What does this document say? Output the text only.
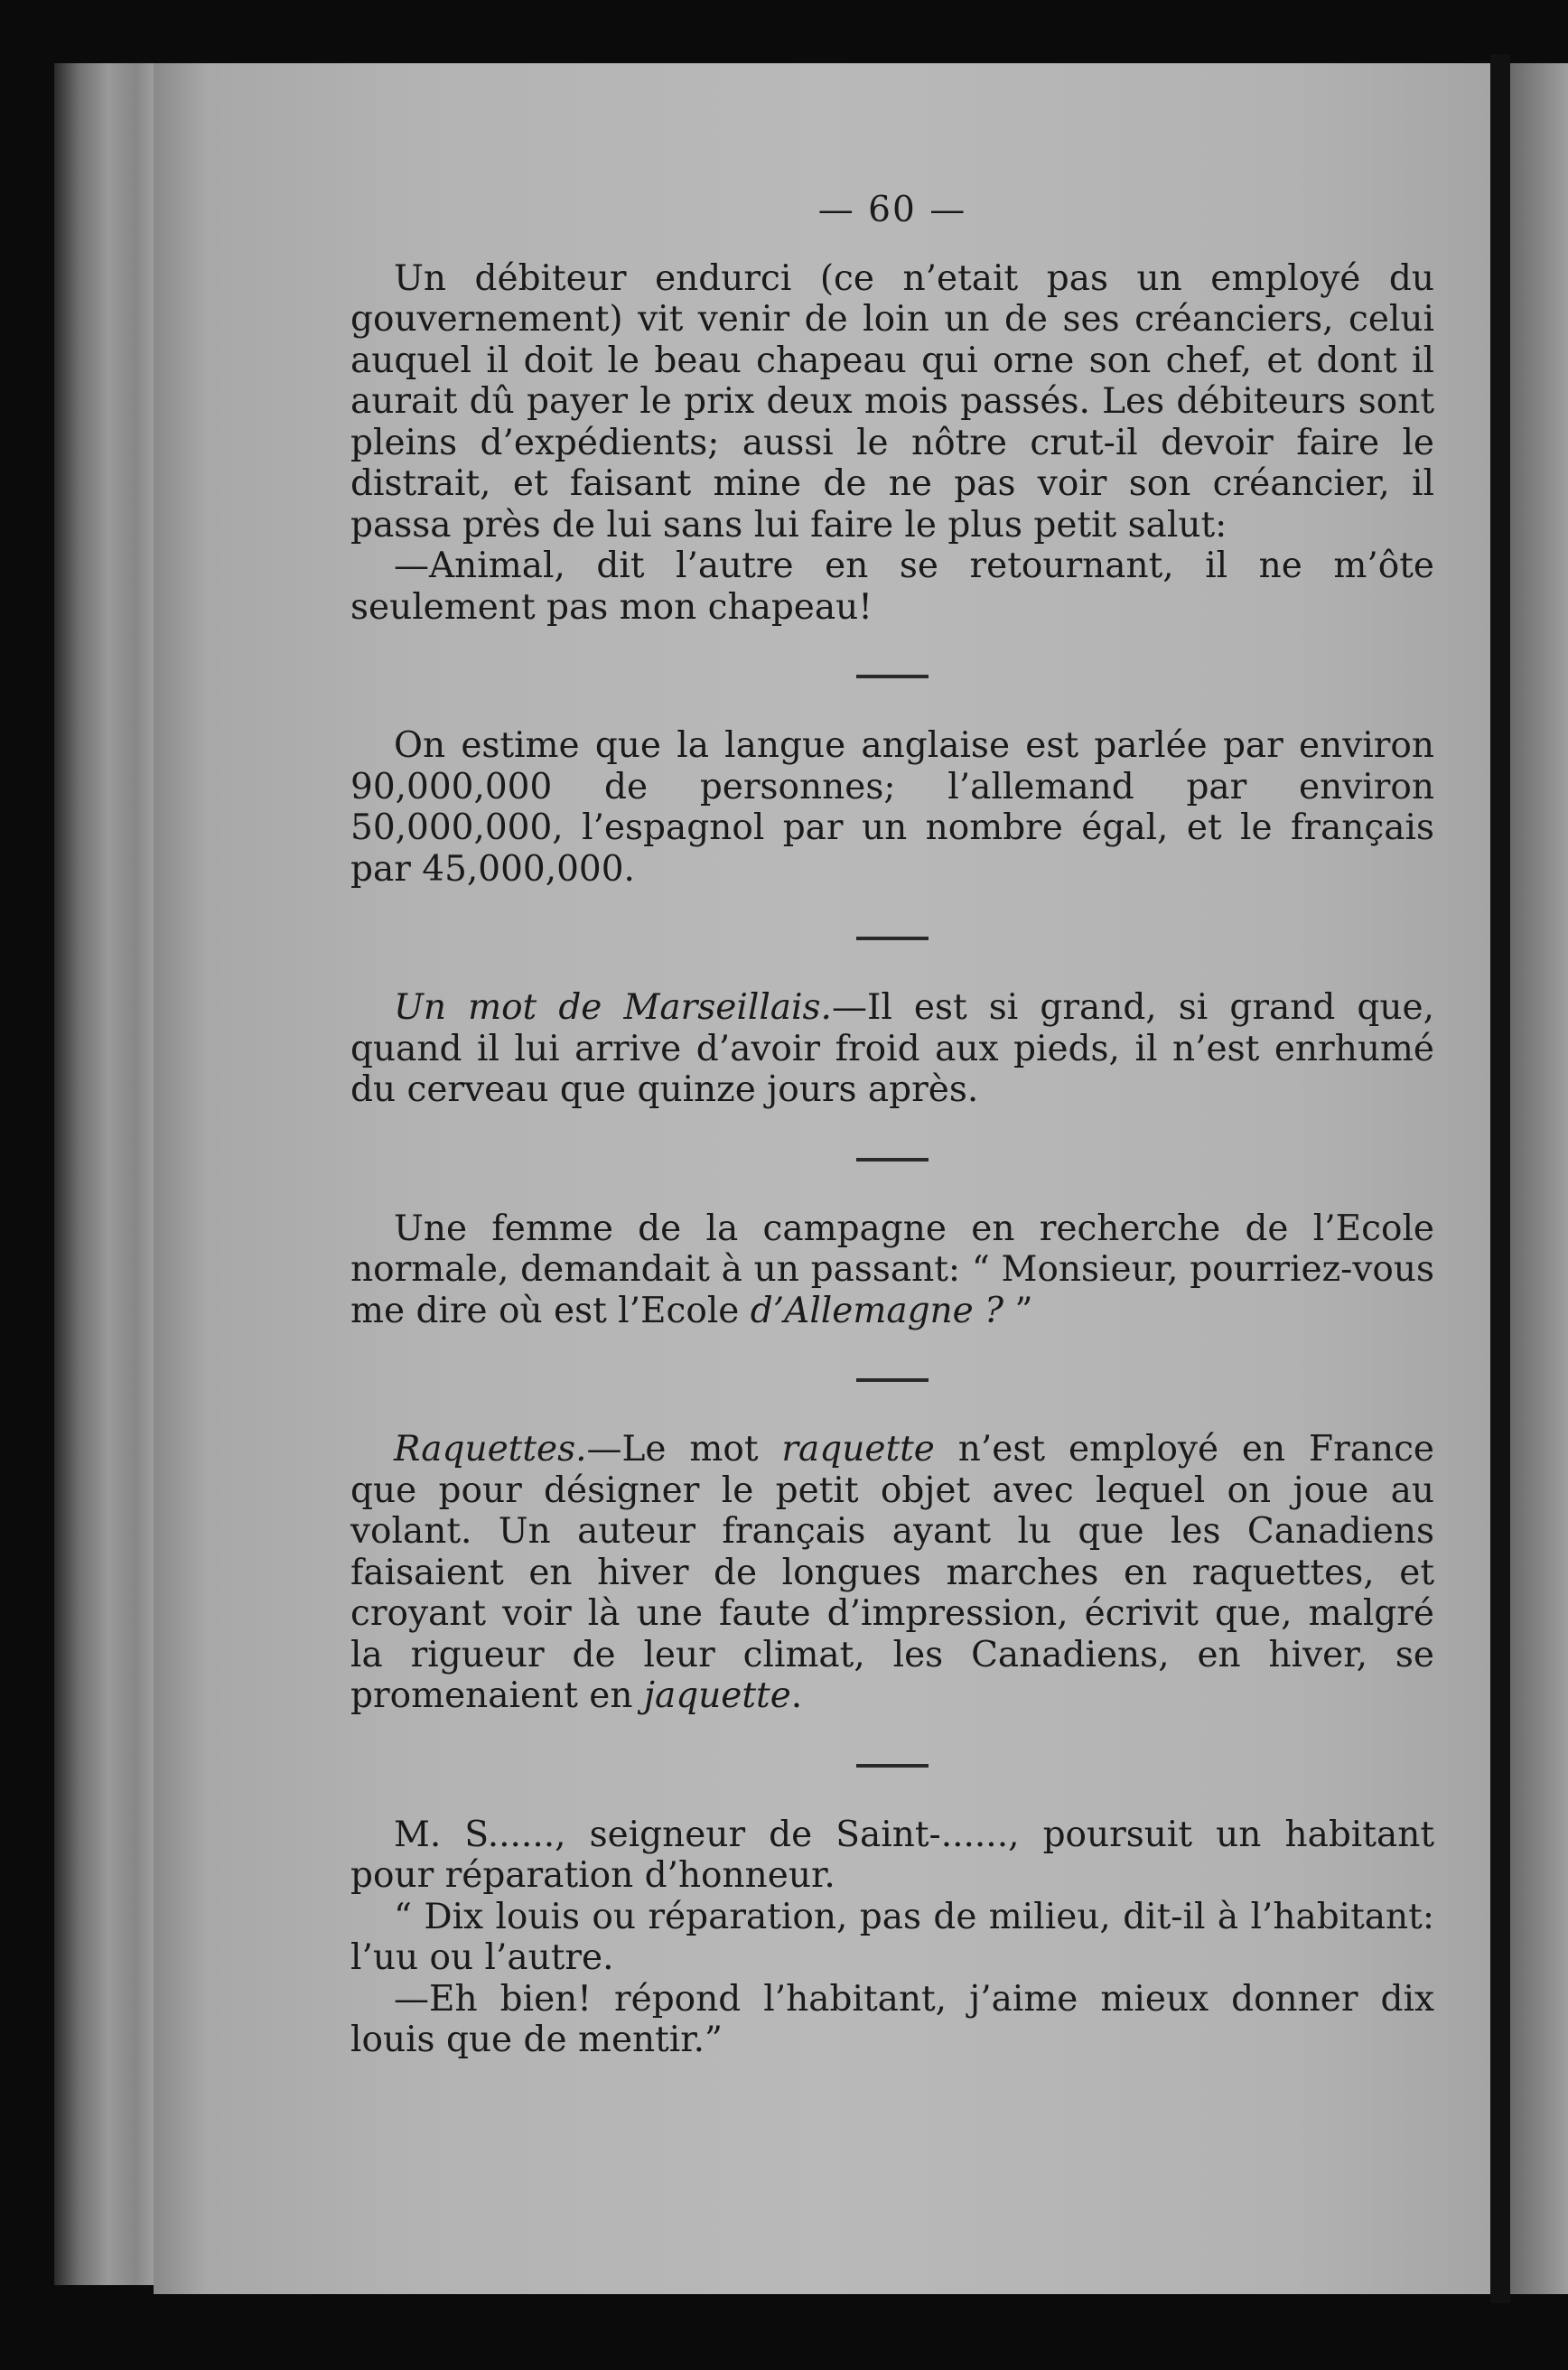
— 60 —

Un débiteur endurci (ce n’etait pas un employé du gouvernement) vit venir de loin un de ses créanciers, celui auquel il doit le beau chapeau qui orne son chef, et dont il aurait dû payer le prix deux mois passés. Les débiteurs sont pleins d’expédients; aussi le nôtre crut-il devoir faire le distrait, et faisant mine de ne pas voir son créancier, il passa près de lui sans lui faire le plus petit salut:

—Animal, dit l’autre en se retournant, il ne m’ôte seulement pas mon chapeau!

On estime que la langue anglaise est parlée par environ 90,000,000 de personnes; l’allemand par environ 50,000,000, l’espagnol par un nombre égal, et le français par 45,000,000.

Un mot de Marseillais.—Il est si grand, si grand que, quand il lui arrive d’avoir froid aux pieds, il n’est enrhumé du cerveau que quinze jours après.

Une femme de la campagne en recherche de l’Ecole normale, demandait à un passant: “ Monsieur, pourriez-vous me dire où est l’Ecole d’Allemagne ? ”

Raquettes.—Le mot raquette n’est employé en France que pour désigner le petit objet avec lequel on joue au volant. Un auteur français ayant lu que les Canadiens faisaient en hiver de longues marches en raquettes, et croyant voir là une faute d’impression, écrivit que, malgré la rigueur de leur climat, les Canadiens, en hiver, se promenaient en jaquette.

M. S......, seigneur de Saint-......, poursuit un habitant pour réparation d’honneur.

“ Dix louis ou réparation, pas de milieu, dit-il à l’habitant: l’uu ou l’autre.

—Eh bien! répond l’habitant, j’aime mieux donner dix louis que de mentir.”
